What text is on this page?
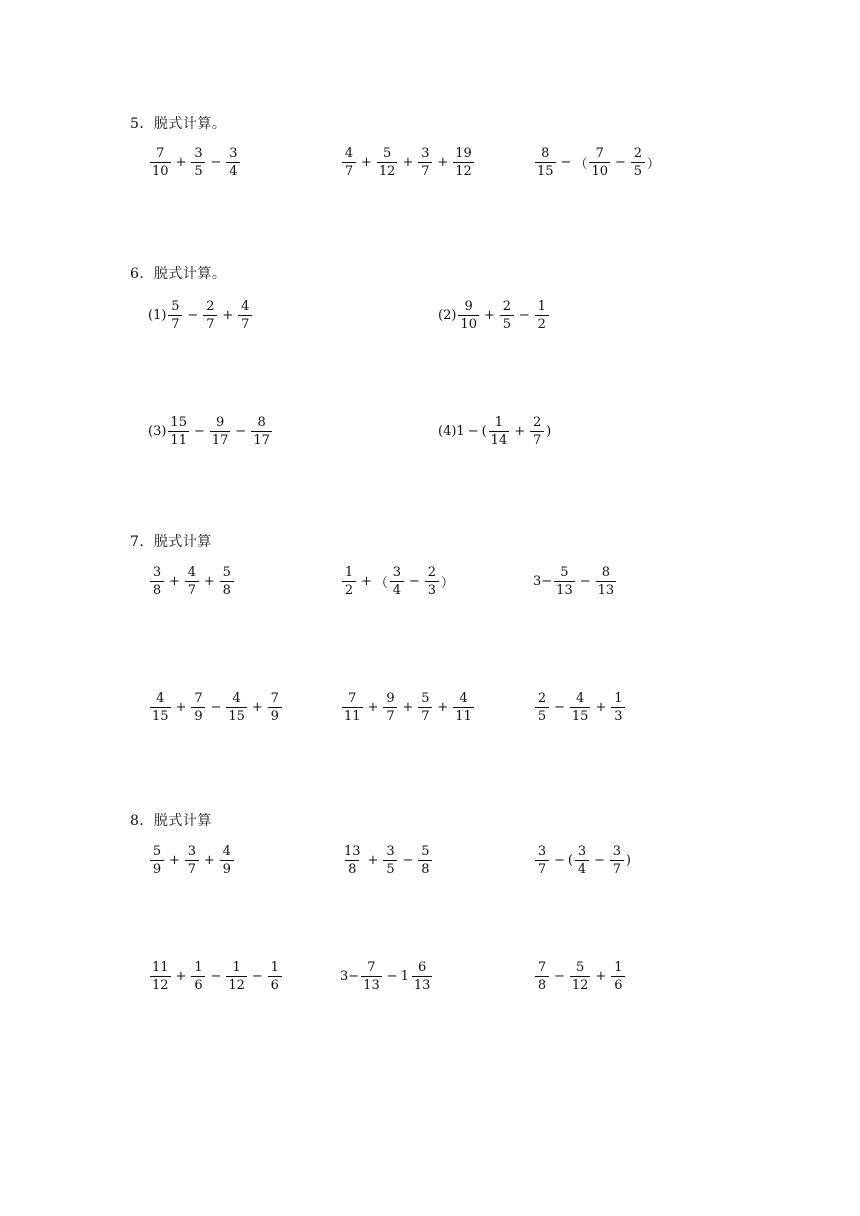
5．脱式计算。
$\frac{7}{10} + \frac{3}{5} - \frac{3}{4}$	$\frac{4}{7} + \frac{5}{12} + \frac{3}{7} + \frac{19}{12}$	$\frac{8}{15}$ − （ $\frac{7}{10} - \frac{2}{5}$ ）
6．脱式计算。
$(1) \frac{5}{7} - \frac{2}{7} + \frac{4}{7}$	$(2) \frac{9}{10} + \frac{2}{5} - \frac{1}{2}$
$(3) \frac{15}{11} - \frac{9}{17} - \frac{8}{17}$	(4)1 − ( $\frac{1}{14} + \frac{2}{7}$ )
7．脱式计算
$\frac{3}{8} + \frac{4}{7} + \frac{5}{8}$	$\frac{1}{2}$ + （ $\frac{3}{4} - \frac{2}{3}$ ）	$3- \frac{5}{13} - \frac{8}{13}$
$\frac{4}{15} + \frac{7}{9} - \frac{4}{15} + \frac{7}{9}$	$\frac{7}{11} + \frac{9}{7} + \frac{5}{7} + \frac{4}{11}$	$\frac{2}{5} - \frac{4}{15} + \frac{1}{3}$
8．脱式计算
$\frac{5}{9} + \frac{3}{7} + \frac{4}{9}$	$\frac{13}{8} + \frac{3}{5} - \frac{5}{8}$	$\frac{3}{7}$ − ( $\frac{3}{4} - \frac{3}{7}$ )
$\frac{11}{12} + \frac{1}{6} - \frac{1}{12} - \frac{1}{6}$	$3- \frac{7}{13} - 1 \frac{6}{13}$	$\frac{7}{8} - \frac{5}{12} + \frac{1}{6}$
